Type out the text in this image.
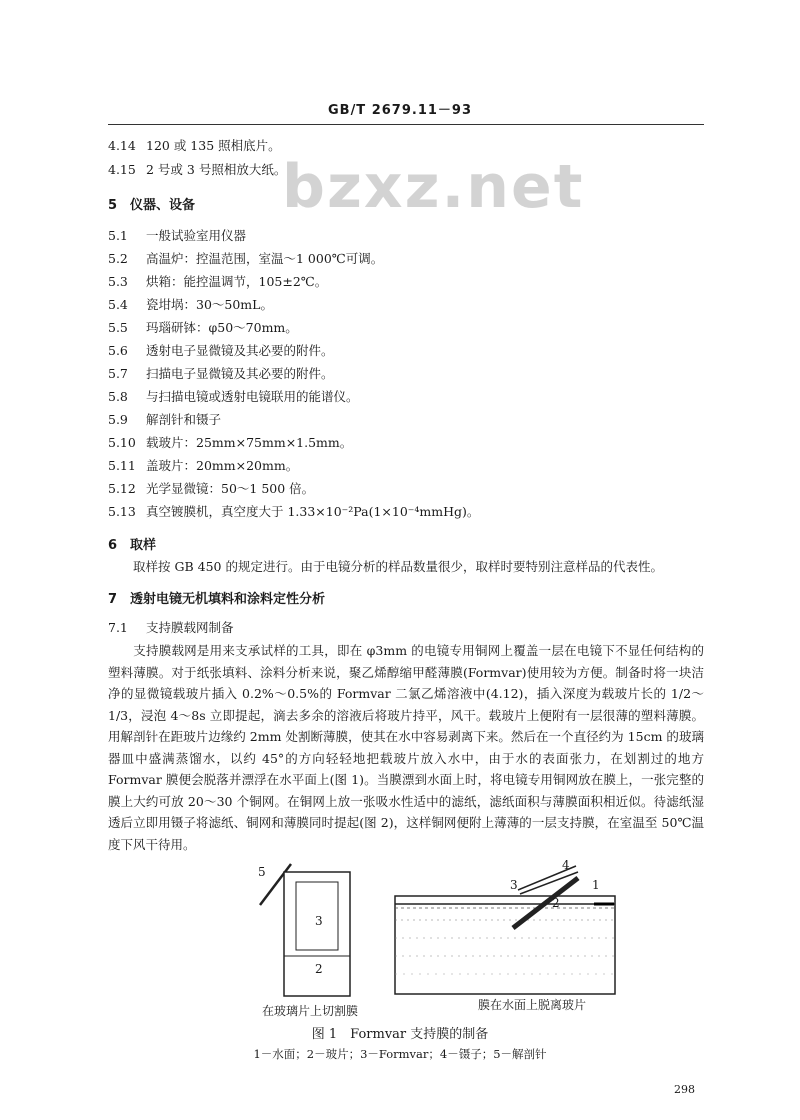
GB/T 2679.11－93
bzxz.net
4.14 120 或 135 照相底片。
4.15 2 号或 3 号照相放大纸。
5 仪器、设备
5.1 一般试验室用仪器
5.2 高温炉：控温范围，室温～1 000℃可调。
5.3 烘箱：能控温调节，105±2℃。
5.4 瓷坩埚：30～50mL。
5.5 玛瑙研钵：φ50～70mm。
5.6 透射电子显微镜及其必要的附件。
5.7 扫描电子显微镜及其必要的附件。
5.8 与扫描电镜或透射电镜联用的能谱仪。
5.9 解剖针和镊子
5.10 载玻片：25mm×75mm×1.5mm。
5.11 盖玻片：20mm×20mm。
5.12 光学显微镜：50～1 500 倍。
5.13 真空镀膜机，真空度大于 1.33×10⁻²Pa(1×10⁻⁴mmHg)。
6 取样
取样按 GB 450 的规定进行。由于电镜分析的样品数量很少，取样时要特别注意样品的代表性。
7 透射电镜无机填料和涂料定性分析
7.1 支持膜载网制备
支持膜载网是用来支承试样的工具，即在 φ3mm 的电镜专用铜网上覆盖一层在电镜下不显任何结构的塑料薄膜。对于纸张填料、涂料分析来说，聚乙烯醇缩甲醛薄膜(Formvar)使用较为方便。制备时将一块洁净的显微镜载玻片插入 0.2%～0.5%的 Formvar 二氯乙烯溶液中(4.12)，插入深度为载玻片长的 1/2～1/3，浸泡 4～8s 立即提起，滴去多余的溶液后将玻片持平，风干。载玻片上便附有一层很薄的塑料薄膜。用解剖针在距玻片边缘约 2mm 处割断薄膜，使其在水中容易剥离下来。然后在一个直径约为 15cm 的玻璃器皿中盛满蒸馏水，以约 45°的方向轻轻地把载玻片放入水中，由于水的表面张力，在划割过的地方 Formvar 膜便会脱落并漂浮在水平面上(图 1)。当膜漂到水面上时，将电镜专用铜网放在膜上，一张完整的膜上大约可放 20～30 个铜网。在铜网上放一张吸水性适中的滤纸，滤纸面积与薄膜面积相近似。待滤纸湿透后立即用镊子将滤纸、铜网和薄膜同时提起(图 2)，这样铜网便附上薄薄的一层支持膜，在室温至 50℃温度下风干待用。
5
3
2
4
3
2
1
在玻璃片上切割膜	膜在水面上脱离玻片
图 1　Formvar 支持膜的制备
1－水面；2－玻片；3－Formvar；4－镊子；5－解剖针
298
